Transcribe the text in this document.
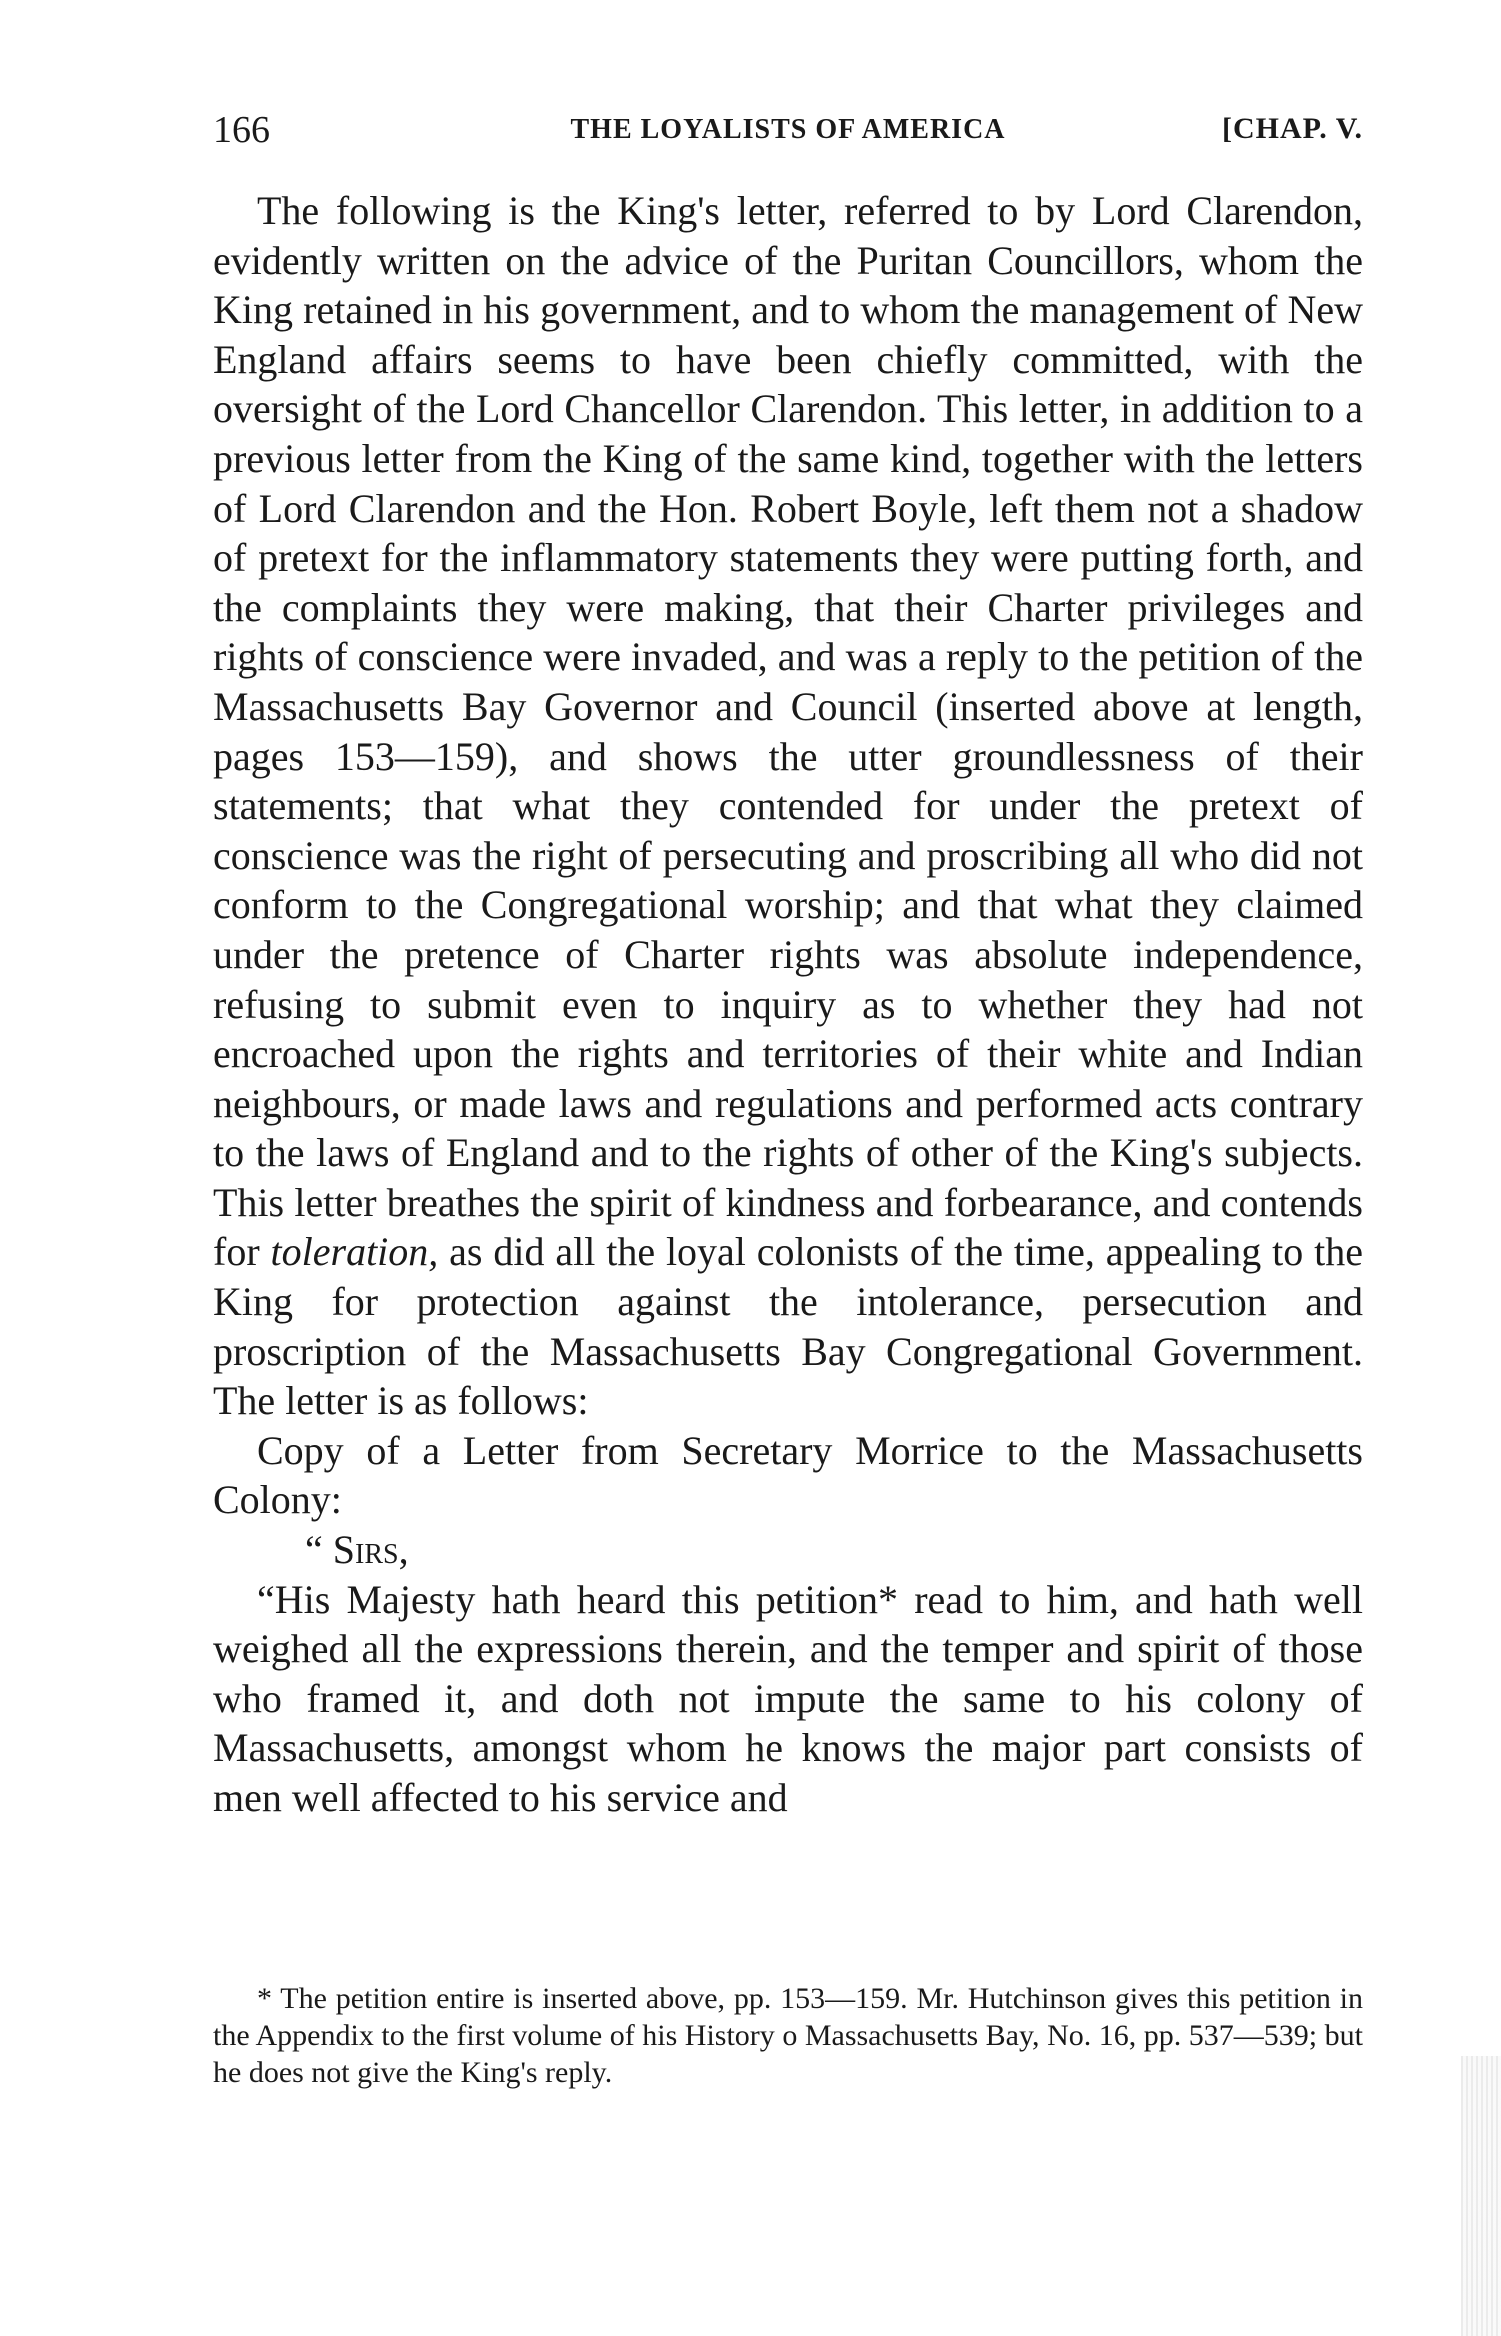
166	THE LOYALISTS OF AMERICA	[CHAP. V.

The following is the King's letter, referred to by Lord Clarendon, evidently written on the advice of the Puritan Councillors, whom the King retained in his government, and to whom the management of New England affairs seems to have been chiefly committed, with the oversight of the Lord Chancellor Clarendon. This letter, in addition to a previous letter from the King of the same kind, together with the letters of Lord Clarendon and the Hon. Robert Boyle, left them not a shadow of pretext for the inflammatory statements they were putting forth, and the complaints they were making, that their Charter privileges and rights of conscience were invaded, and was a reply to the petition of the Massachusetts Bay Governor and Council (inserted above at length, pages 153—159), and shows the utter groundlessness of their statements; that what they contended for under the pretext of conscience was the right of persecuting and proscribing all who did not conform to the Congregational worship; and that what they claimed under the pretence of Charter rights was absolute independence, refusing to submit even to inquiry as to whether they had not encroached upon the rights and territories of their white and Indian neighbours, or made laws and regulations and performed acts contrary to the laws of England and to the rights of other of the King's subjects. This letter breathes the spirit of kindness and forbearance, and contends for toleration, as did all the loyal colonists of the time, appealing to the King for protection against the intolerance, persecution and proscription of the Massachusetts Bay Congregational Government. The letter is as follows:

Copy of a Letter from Secretary Morrice to the Massachusetts Colony:

“ Sirs,

“His Majesty hath heard this petition* read to him, and hath well weighed all the expressions therein, and the temper and spirit of those who framed it, and doth not impute the same to his colony of Massachusetts, amongst whom he knows the major part consists of men well affected to his service and

* The petition entire is inserted above, pp. 153—159. Mr. Hutchinson gives this petition in the Appendix to the first volume of his History o Massachusetts Bay, No. 16, pp. 537—539; but he does not give the King's reply.
